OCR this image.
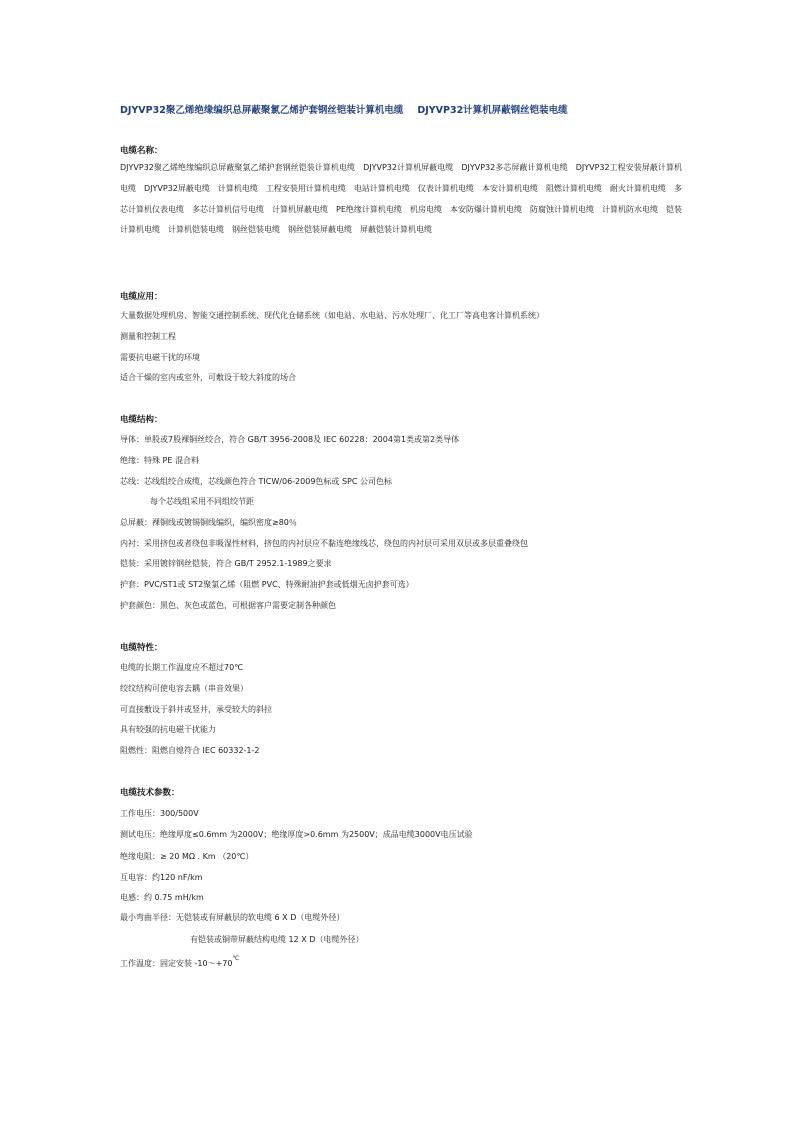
DJYVP32聚乙烯绝缘编织总屏蔽聚氯乙烯护套钢丝铠装计算机电缆 DJYVP32计算机屏蔽钢丝铠装电缆
电缆名称：
DJYVP32聚乙烯绝缘编织总屏蔽聚氯乙烯护套钢丝铠装计算机电缆　DJYVP32计算机屏蔽电缆　DJYVP32多芯屏蔽计算机电缆　DJYVP32工程安装屏蔽计算机电缆　DJYVP32屏蔽电缆　计算机电缆　工程安装用计算机电缆　电站计算机电缆　仪表计算机电缆　本安计算机电缆　阻燃计算机电缆　耐火计算机电缆　多芯计算机仪表电缆　多芯计算机信号电缆　计算机屏蔽电缆　PE绝缘计算机电缆　机房电缆　本安防爆计算机电缆　防腐蚀计算机电缆　计算机防水电缆　铠装计算机电缆　计算机铠装电缆　钢丝铠装电缆　钢丝铠装屏蔽电缆　屏蔽铠装计算机电缆
电缆应用：
大量数据处理机房、智能交通控制系统、现代化仓储系统（如电站、水电站、污水处理厂、化工厂等高电客计算机系统）
测量和控制工程
需要抗电磁干扰的环境
适合干燥的室内或室外，可敷设于较大斜度的场合
电缆结构：
导体：单股或7股裸铜丝绞合，符合 GB/T 3956-2008及 IEC 60228：2004第1类或第2类导体
绝缘：特殊 PE 混合料
芯线：芯线组绞合成缆，芯线颜色符合 TICW/06-2009色标或 SPC 公司色标
每个芯线组采用不同组绞节距
总屏蔽：裸铜线或镀锡铜线编织，编织密度≥80％
内衬：采用挤包或者绕包非吸湿性材料，挤包的内衬层应不黏连绝缘线芯，绕包的内衬层可采用双层或多层重叠绕包
铠装：采用镀锌钢丝铠装，符合 GB/T 2952.1-1989之要求
护套：PVC/ST1或 ST2聚氯乙烯（阻燃 PVC、特殊耐油护套或低烟无卤护套可选）
护套颜色：黑色、灰色或蓝色，可根据客户需要定制各种颜色
电缆特性：
电缆的长期工作温度应不超过70℃
绞纹结构可使电容去耦（串音效果）
可直接敷设于斜井或竖井，承受较大的斜拉
具有较强的抗电磁干扰能力
阻燃性：阻燃自熄符合 IEC 60332-1-2
电缆技术参数：
工作电压：300/500V
测试电压：绝缘厚度≤0.6mm 为2000V；绝缘厚度>0.6mm 为2500V；成品电缆3000V电压试验
绝缘电阻：≥ 20 MΩ . Km （20℃）
互电容：约120 nF/km
电感：约 0.75 mH/km
最小弯曲半径：无铠装或有屏蔽层的软电缆 6 X D（电缆外径）
有铠装或铜带屏蔽结构电缆 12 X D（电缆外径）
工作温度：固定安装 -10～+70℃
